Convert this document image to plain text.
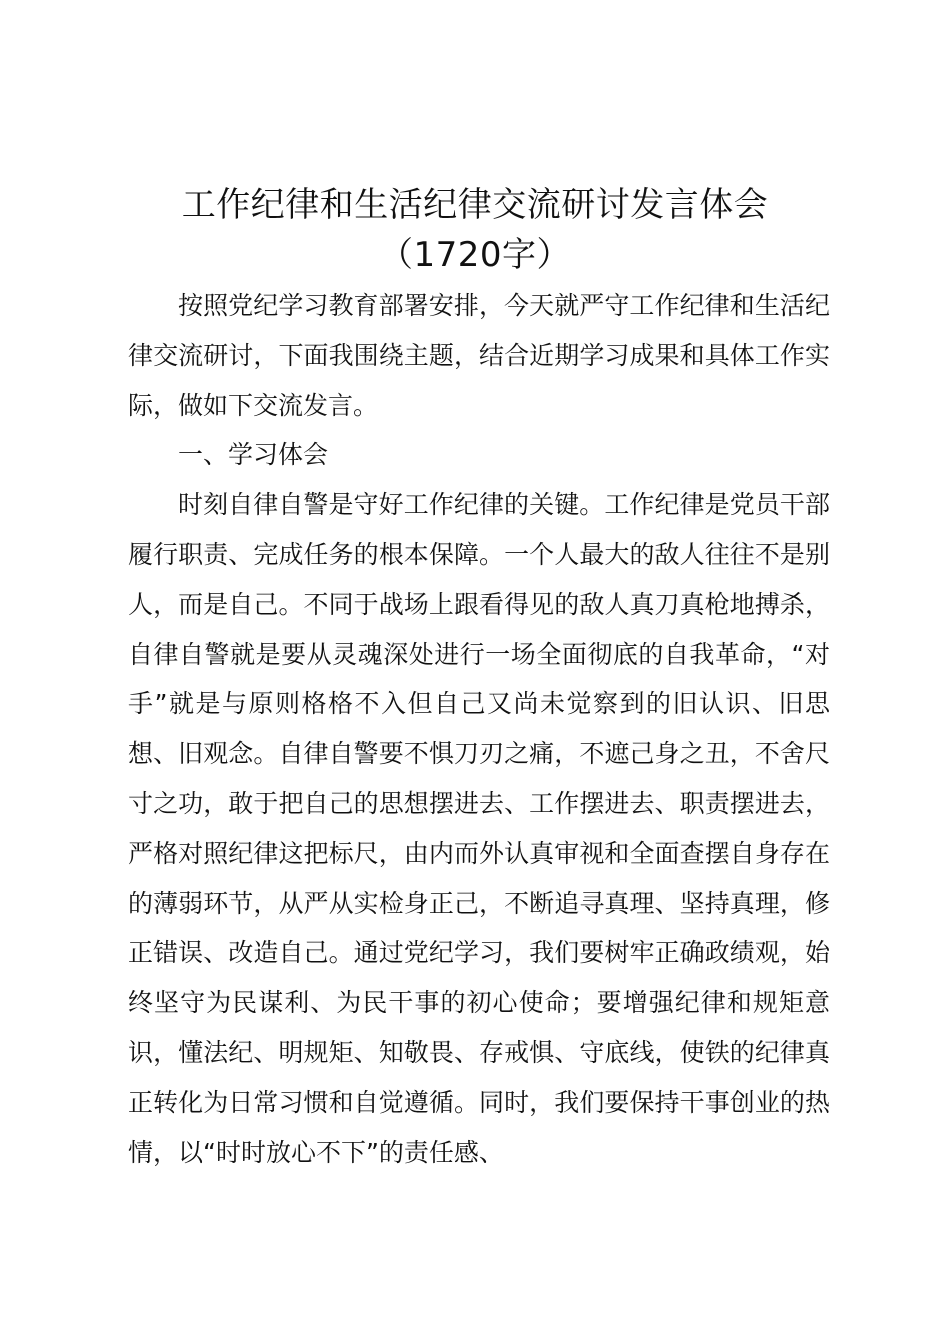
工作纪律和生活纪律交流研讨发言体会
（1720字）

按照党纪学习教育部署安排，今天就严守工作纪律和生活纪律交流研讨，下面我围绕主题，结合近期学习成果和具体工作实际，做如下交流发言。

一、学习体会

时刻自律自警是守好工作纪律的关键。工作纪律是党员干部履行职责、完成任务的根本保障。一个人最大的敌人往往不是别人，而是自己。不同于战场上跟看得见的敌人真刀真枪地搏杀，自律自警就是要从灵魂深处进行一场全面彻底的自我革命，“对手”就是与原则格格不入但自己又尚未觉察到的旧认识、旧思想、旧观念。自律自警要不惧刀刃之痛，不遮己身之丑，不舍尺寸之功，敢于把自己的思想摆进去、工作摆进去、职责摆进去，严格对照纪律这把标尺，由内而外认真审视和全面查摆自身存在的薄弱环节，从严从实检身正己，不断追寻真理、坚持真理，修正错误、改造自己。通过党纪学习，我们要树牢正确政绩观，始终坚守为民谋利、为民干事的初心使命；要增强纪律和规矩意识，懂法纪、明规矩、知敬畏、存戒惧、守底线，使铁的纪律真正转化为日常习惯和自觉遵循。同时，我们要保持干事创业的热情，以“时时放心不下”的责任感、
